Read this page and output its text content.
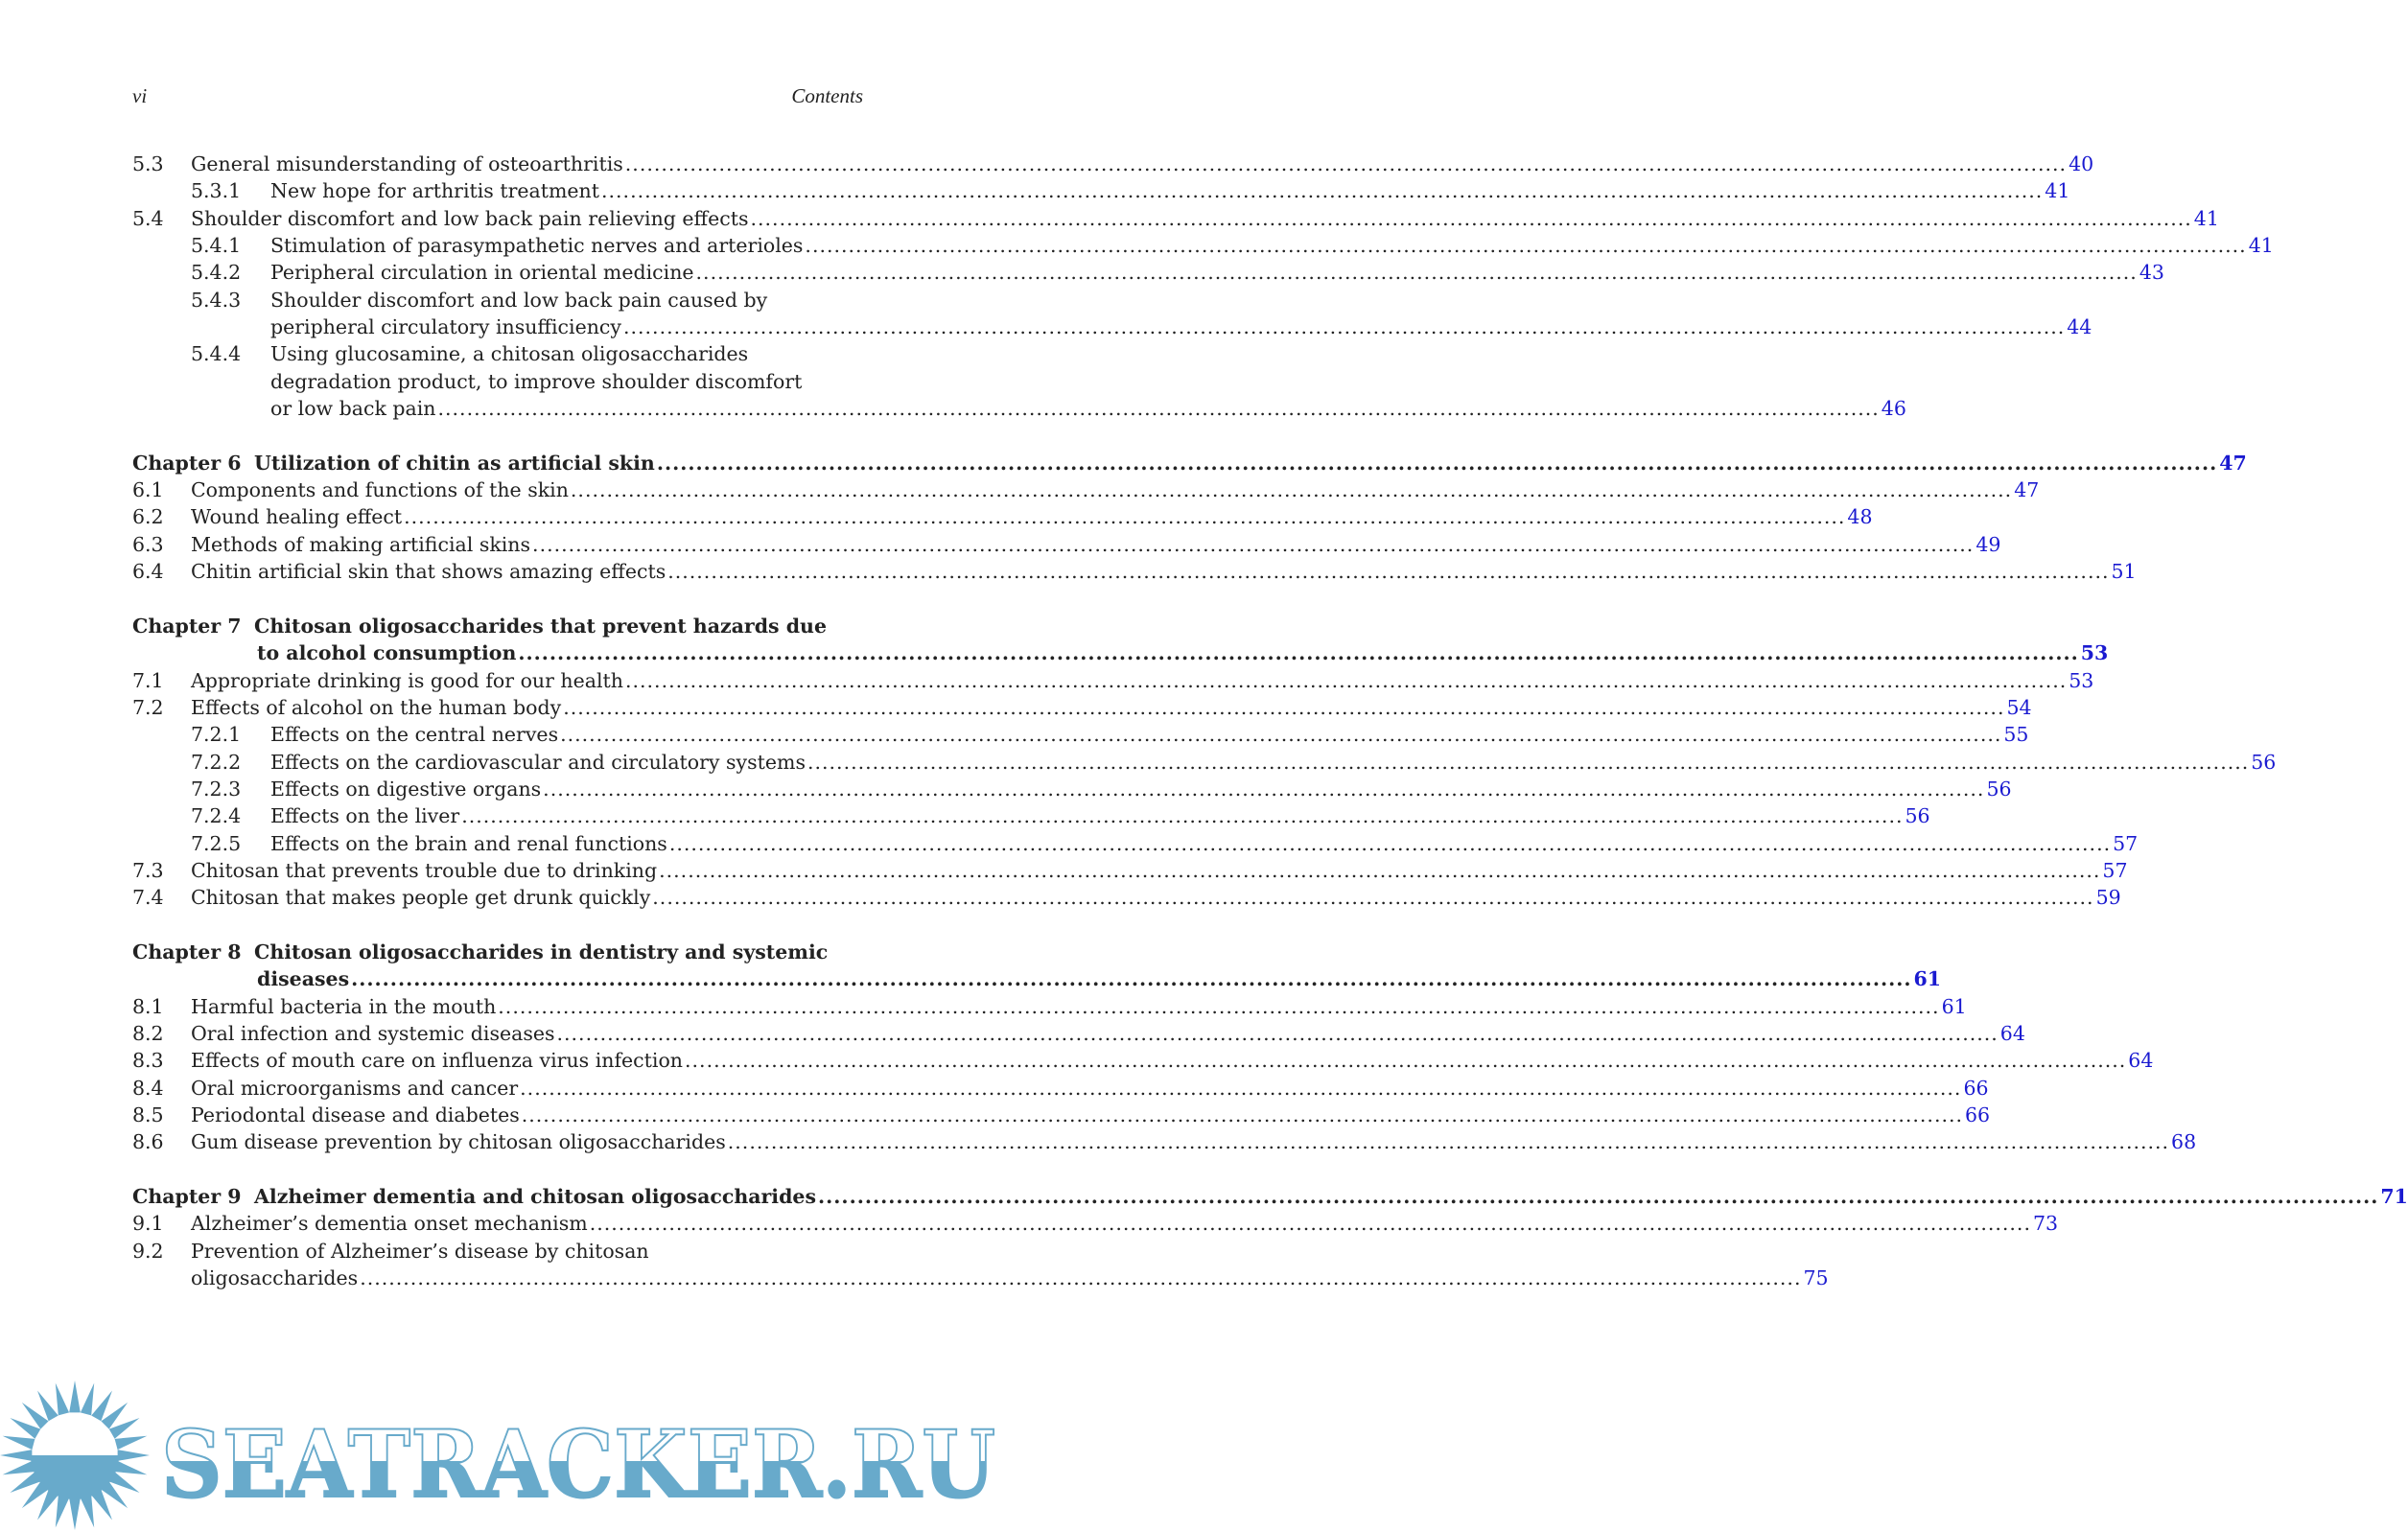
vi	Contents
5.3 General misunderstanding of osteoarthritis ........................................................................................................................................................................................................ 40
5.3.1 New hope for arthritis treatment ........................................................................................................................................................................................................ 41
5.4 Shoulder discomfort and low back pain relieving effects ........................................................................................................................................................................................................ 41
5.4.1 Stimulation of parasympathetic nerves and arterioles ........................................................................................................................................................................................................ 41
5.4.2 Peripheral circulation in oriental medicine ........................................................................................................................................................................................................ 43
5.4.3 Shoulder discomfort and low back pain caused by
peripheral circulatory insufficiency ........................................................................................................................................................................................................ 44
5.4.4 Using glucosamine, a chitosan oligosaccharides
degradation product, to improve shoulder discomfort
or low back pain ........................................................................................................................................................................................................ 46
Chapter 6 Utilization of chitin as artificial skin ........................................................................................................................................................................................................ 47
6.1 Components and functions of the skin ........................................................................................................................................................................................................ 47
6.2 Wound healing effect ........................................................................................................................................................................................................ 48
6.3 Methods of making artificial skins ........................................................................................................................................................................................................ 49
6.4 Chitin artificial skin that shows amazing effects ........................................................................................................................................................................................................ 51
Chapter 7 Chitosan oligosaccharides that prevent hazards due
to alcohol consumption ........................................................................................................................................................................................................ 53
7.1 Appropriate drinking is good for our health ........................................................................................................................................................................................................ 53
7.2 Effects of alcohol on the human body ........................................................................................................................................................................................................ 54
7.2.1 Effects on the central nerves ........................................................................................................................................................................................................ 55
7.2.2 Effects on the cardiovascular and circulatory systems ........................................................................................................................................................................................................ 56
7.2.3 Effects on digestive organs ........................................................................................................................................................................................................ 56
7.2.4 Effects on the liver ........................................................................................................................................................................................................ 56
7.2.5 Effects on the brain and renal functions ........................................................................................................................................................................................................ 57
7.3 Chitosan that prevents trouble due to drinking ........................................................................................................................................................................................................ 57
7.4 Chitosan that makes people get drunk quickly ........................................................................................................................................................................................................ 59
Chapter 8 Chitosan oligosaccharides in dentistry and systemic
diseases ........................................................................................................................................................................................................ 61
8.1 Harmful bacteria in the mouth ........................................................................................................................................................................................................ 61
8.2 Oral infection and systemic diseases ........................................................................................................................................................................................................ 64
8.3 Effects of mouth care on influenza virus infection ........................................................................................................................................................................................................ 64
8.4 Oral microorganisms and cancer ........................................................................................................................................................................................................ 66
8.5 Periodontal disease and diabetes ........................................................................................................................................................................................................ 66
8.6 Gum disease prevention by chitosan oligosaccharides ........................................................................................................................................................................................................ 68
Chapter 9 Alzheimer dementia and chitosan oligosaccharides ........................................................................................................................................................................................................ 71
9.1 Alzheimer’s dementia onset mechanism ........................................................................................................................................................................................................ 73
9.2 Prevention of Alzheimer’s disease by chitosan
oligosaccharides ........................................................................................................................................................................................................ 75
SEATRACKER.RU
